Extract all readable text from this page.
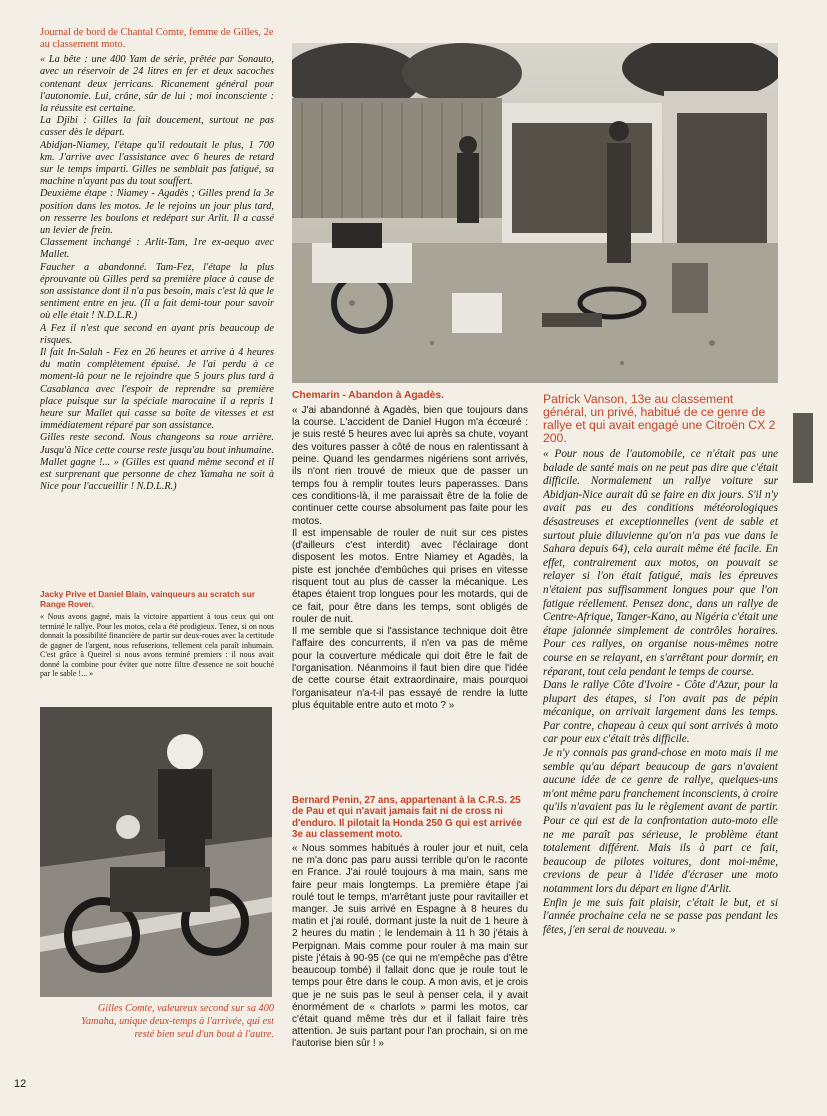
Journal de bord de Chantal Comte, femme de Gilles, 2e au classement moto.

« La bête : une 400 Yam de série, prêtée par Sonauto, avec un réservoir de 24 litres en fer et deux sacoches contenant deux jerricans. Ricanement général pour l'autonomie. Lui, crâne, sûr de lui ; moi inconsciente : la réussite est certaine.

La Djibi : Gilles la fait doucement, surtout ne pas casser dès le départ.

Abidjan-Niamey, l'étape qu'il redoutait le plus, 1 700 km. J'arrive avec l'assistance avec 6 heures de retard sur le temps imparti. Gilles ne semblait pas fatigué, sa machine n'ayant pas du tout souffert.

Deuxième étape : Niamey - Agadès ; Gilles prend la 3e position dans les motos. Je le rejoins un jour plus tard, on resserre les boulons et redépart sur Arlit. Il a cassé un levier de frein.

Classement inchangé : Arlit-Tam, 1re ex-aequo avec Mallet.

Faucher a abandonné. Tam-Fez, l'étape la plus éprouvante où Gilles perd sa première place à cause de son assistance dont il n'a pas besoin, mais c'est là que le sentiment entre en jeu. (Il a fait demi-tour pour savoir où elle était ! N.D.L.R.)

A Fez il n'est que second en ayant pris beaucoup de risques.

Il fait In-Salah - Fez en 26 heures et arrive à 4 heures du matin complètement épuisé. Je l'ai perdu à ce moment-là pour ne le rejoindre que 5 jours plus tard à Casablanca avec l'espoir de reprendre sa première place puisque sur la spéciale marocaine il a repris 1 heure sur Mallet qui casse sa boîte de vitesses et est immédiatement réparé par son assistance.

Gilles reste second. Nous changeons sa roue arrière. Jusqu'à Nice cette course reste jusqu'au bout inhumaine.

Mallet gagne !... » (Gilles est quand même second et il est surprenant que personne de chez Yamaha ne soit à Nice pour l'accueillir ! N.D.L.R.)

Jacky Prive et Daniel Blain, vainqueurs au scratch sur Range Rover.
« Nous avons gagné, mais la victoire appartient à tous ceux qui ont terminé le rallye. Pour les motos, cela a été prodigieux. Tenez, si on nous donnait la possibilité financière de partir sur deux-roues avec la certitude de gagner de l'argent, nous refuserions, tellement cela paraît inhumain. C'est grâce à Queirel si nous avons terminé premiers : il nous avait donné la combine pour éviter que notre filtre d'essence ne soit bouché par le sable !... »
Gilles Comte, valeureux second sur sa 400 Yamaha, unique deux-temps à l'arrivée, qui est resté bien seul d'un bout à l'autre.
Chemarin - Abandon à Agadès.

« J'ai abandonné à Agadès, bien que toujours dans la course. L'accident de Daniel Hugon m'a écœuré : je suis resté 5 heures avec lui après sa chute, voyant des voitures passer à côté de nous en ralentissant à peine. Quand les gendarmes nigériens sont arrivés, ils n'ont rien trouvé de mieux que de passer un temps fou à remplir toutes leurs paperasses. Dans ces conditions-là, il me paraissait être de la folie de continuer cette course absolument pas faite pour les motos.

Il est impensable de rouler de nuit sur ces pistes (d'ailleurs c'est interdit) avec l'éclairage dont disposent les motos. Entre Niamey et Agadès, la piste est jonchée d'embûches qui prises en vitesse risquent tout au plus de casser la mécanique. Les étapes étaient trop longues pour les motards, qui de ce fait, pour être dans les temps, sont obligés de rouler de nuit.

Il me semble que si l'assistance technique doit être l'affaire des concurrents, il n'en va pas de même pour la couverture médicale qui doit être le fait de l'organisation. Néanmoins il faut bien dire que l'idée de cette course était extraordinaire, mais pourquoi l'organisateur n'a-t-il pas essayé de rendre la lutte plus équitable entre auto et moto ? »

Bernard Penin, 27 ans, appartenant à la C.R.S. 25 de Pau et qui n'avait jamais fait ni de cross ni d'enduro. Il pilotait la Honda 250 G qui est arrivée 3e au classement moto.
« Nous sommes habitués à rouler jour et nuit, cela ne m'a donc pas paru aussi terrible qu'on le raconte en France. J'ai roulé toujours à ma main, sans me faire peur mais longtemps. La première étape j'ai roulé tout le temps, m'arrêtant juste pour ravitailler et manger. Je suis arrivé en Espagne à 8 heures du matin et j'ai roulé, dormant juste la nuit de 1 heure à 2 heures du matin ; le lendemain à 11 h 30 j'étais à Perpignan. Mais comme pour rouler à ma main sur piste j'étais à 90-95 (ce qui ne m'empêche pas d'être beaucoup tombé) il fallait donc que je roule tout le temps pour être dans le coup. A mon avis, et je crois que je ne suis pas le seul à penser cela, il y avait énormément de « charlots » parmi les motos, car c'était quand même très dur et il fallait faire très attention. Je suis partant pour l'an prochain, si on me l'autorise bien sûr ! »
Patrick Vanson, 13e au classement général, un privé, habitué de ce genre de rallye et qui avait engagé une Citroën CX 2 200.

« Pour nous de l'automobile, ce n'était pas une balade de santé mais on ne peut pas dire que c'était difficile. Normalement un rallye voiture sur Abidjan-Nice aurait dû se faire en dix jours. S'il n'y avait pas eu des conditions météorologiques désastreuses et exceptionnelles (vent de sable et surtout pluie diluvienne qu'on n'a pas vue dans le Sahara depuis 64), cela aurait même été facile. En effet, contrairement aux motos, on pouvait se relayer si l'on était fatigué, mais les épreuves n'étaient pas suffisamment longues pour que l'on fatigue réellement. Pensez donc, dans un rallye de Centre-Afrique, Tanger-Kano, au Nigéria c'était une étape jalonnée simplement de contrôles horaires. Pour ces rallyes, on organise nous-mêmes notre course en se relayant, en s'arrêtant pour dormir, en réparant, tout cela pendant le temps de course.

Dans le rallye Côte d'Ivoire - Côte d'Azur, pour la plupart des étapes, si l'on avait pas de pépin mécanique, on arrivait largement dans les temps. Par contre, chapeau à ceux qui sont arrivés à moto car pour eux c'était très difficile.

Je n'y connais pas grand-chose en moto mais il me semble qu'au départ beaucoup de gars n'avaient aucune idée de ce genre de rallye, quelques-uns m'ont même paru franchement inconscients, à croire qu'ils n'avaient pas lu le règlement avant de partir. Pour ce qui est de la confrontation auto-moto elle ne me paraît pas sérieuse, le problème étant totalement différent. Mais ils à part ce fait, beaucoup de pilotes voitures, dont moi-même, crevions de peur à l'idée d'écraser une moto notamment lors du départ en ligne d'Arlit.

Enfin je me suis fait plaisir, c'était le but, et si l'année prochaine cela ne se passe pas pendant les fêtes, j'en serai de nouveau. »

12
